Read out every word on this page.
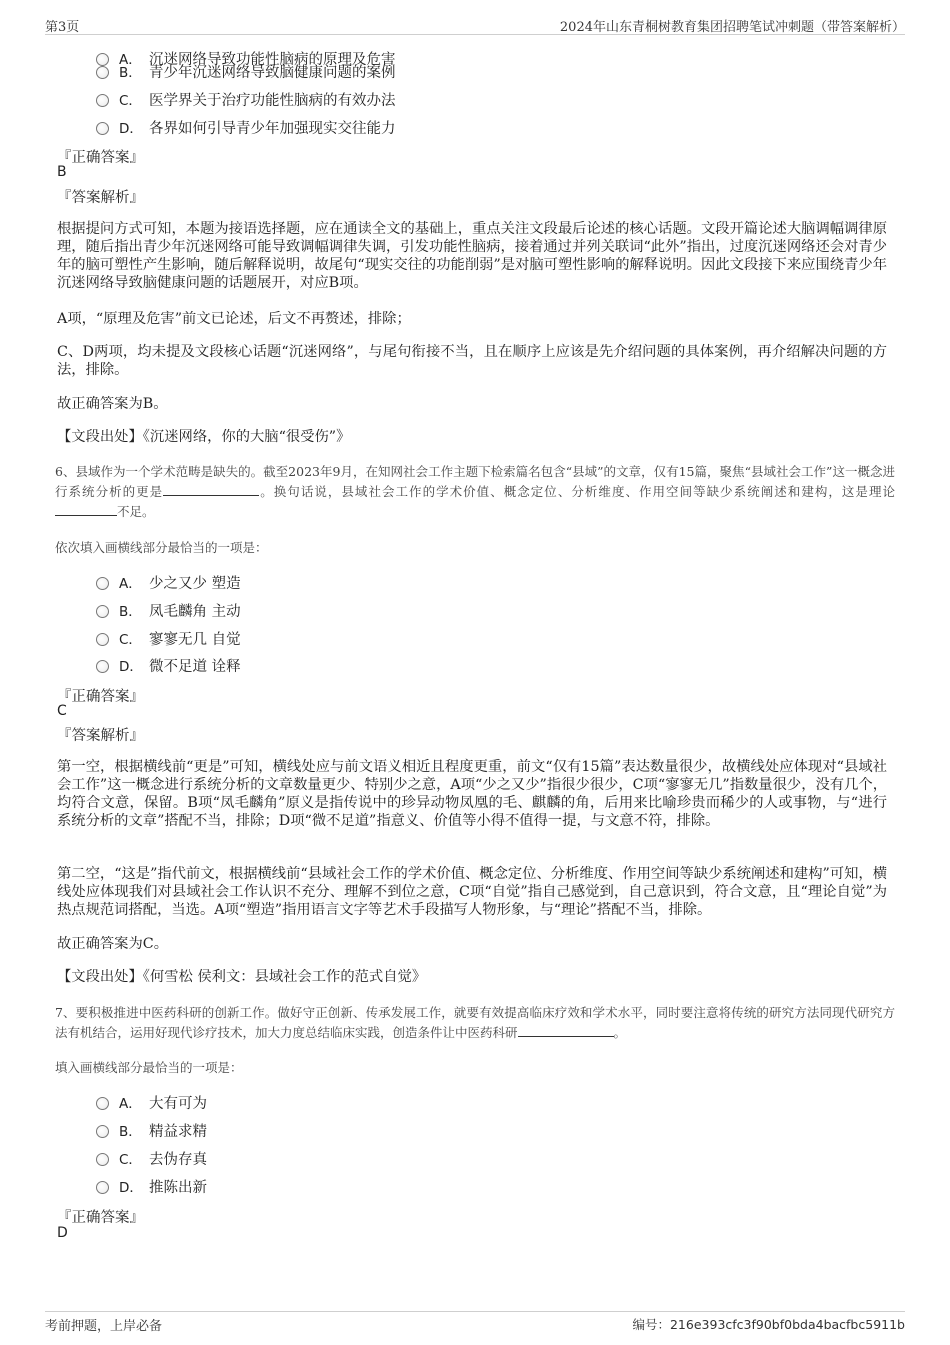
第3页	2024年山东青桐树教育集团招聘笔试冲刺题（带答案解析）
A． 沉迷网络导致功能性脑病的原理及危害
B． 青少年沉迷网络导致脑健康问题的案例
C． 医学界关于治疗功能性脑病的有效办法
D． 各界如何引导青少年加强现实交往能力
『正确答案』
B
『答案解析』
根据提问方式可知，本题为接语选择题，应在通读全文的基础上，重点关注文段最后论述的核心话题。文段开篇论述大脑调幅调律原理，随后指出青少年沉迷网络可能导致调幅调律失调，引发功能性脑病，接着通过并列关联词“此外”指出，过度沉迷网络还会对青少年的脑可塑性产生影响，随后解释说明，故尾句“现实交往的功能削弱”是对脑可塑性影响的解释说明。因此文段接下来应围绕青少年沉迷网络导致脑健康问题的话题展开，对应B项。
A项，“原理及危害”前文已论述，后文不再赘述，排除；
C、D两项，均未提及文段核心话题“沉迷网络”，与尾句衔接不当，且在顺序上应该是先介绍问题的具体案例，再介绍解决问题的方法，排除。
故正确答案为B。
【文段出处】《沉迷网络，你的大脑“很受伤”》
6、县域作为一个学术范畴是缺失的。截至2023年9月，在知网社会工作主题下检索篇名包含“县域”的文章，仅有15篇，聚焦“县域社会工作”这一概念进行系统分析的更是	。换句话说，县域社会工作的学术价值、概念定位、分析维度、作用空间等缺少系统阐述和建构，这是理论不足。
依次填入画横线部分最恰当的一项是：
A． 少之又少 塑造
B． 凤毛麟角 主动
C． 寥寥无几 自觉
D． 微不足道 诠释
『正确答案』
C
『答案解析』
第一空，根据横线前“更是”可知，横线处应与前文语义相近且程度更重，前文“仅有15篇”表达数量很少，故横线处应体现对“县域社会工作”这一概念进行系统分析的文章数量更少、特别少之意，A项“少之又少”指很少很少，C项“寥寥无几”指数量很少，没有几个，均符合文意，保留。B项“凤毛麟角”原义是指传说中的珍异动物凤凰的毛、麒麟的角，后用来比喻珍贵而稀少的人或事物，与“进行系统分析的文章”搭配不当，排除；D项“微不足道”指意义、价值等小得不值得一提，与文意不符，排除。
第二空，“这是”指代前文，根据横线前“县域社会工作的学术价值、概念定位、分析维度、作用空间等缺少系统阐述和建构”可知，横线处应体现我们对县域社会工作认识不充分、理解不到位之意，C项“自觉”指自己感觉到，自己意识到，符合文意，且“理论自觉”为热点规范词搭配，当选。A项“塑造”指用语言文字等艺术手段描写人物形象，与“理论”搭配不当，排除。
故正确答案为C。
【文段出处】《何雪松 侯利文：县域社会工作的范式自觉》
7、要积极推进中医药科研的创新工作。做好守正创新、传承发展工作，就要有效提高临床疗效和学术水平，同时要注意将传统的研究方法同现代研究方法有机结合，运用好现代诊疗技术，加大力度总结临床实践，创造条件让中医药科研	。
填入画横线部分最恰当的一项是：
A． 大有可为
B． 精益求精
C． 去伪存真
D． 推陈出新
『正确答案』
D
考前押题，上岸必备	编号：216e393cfc3f90bf0bda4bacfbc5911b
